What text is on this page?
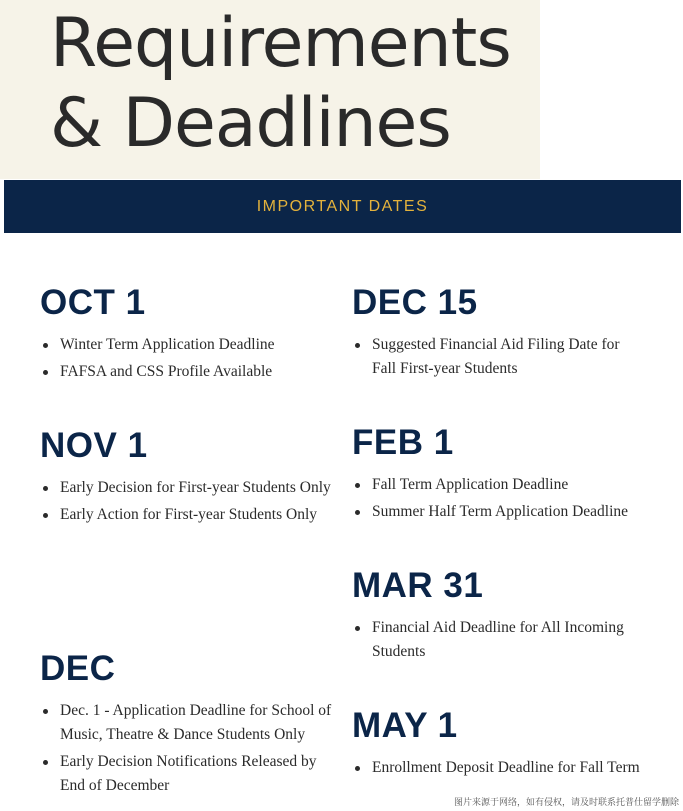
Requirements
& Deadlines
IMPORTANT DATES
OCT 1
Winter Term Application Deadline
FAFSA and CSS Profile Available
NOV 1
Early Decision for First-year Students Only
Early Action for First-year Students Only
DEC
Dec. 1 - Application Deadline for School of Music, Theatre & Dance Students Only
Early Decision Notifications Released by End of December
DEC 15
Suggested Financial Aid Filing Date for Fall First-year Students
FEB 1
Fall Term Application Deadline
Summer Half Term Application Deadline
MAR 31
Financial Aid Deadline for All Incoming Students
MAY 1
Enrollment Deposit Deadline for Fall Term
图片来源于网络，如有侵权，请及时联系托普仕留学删除
